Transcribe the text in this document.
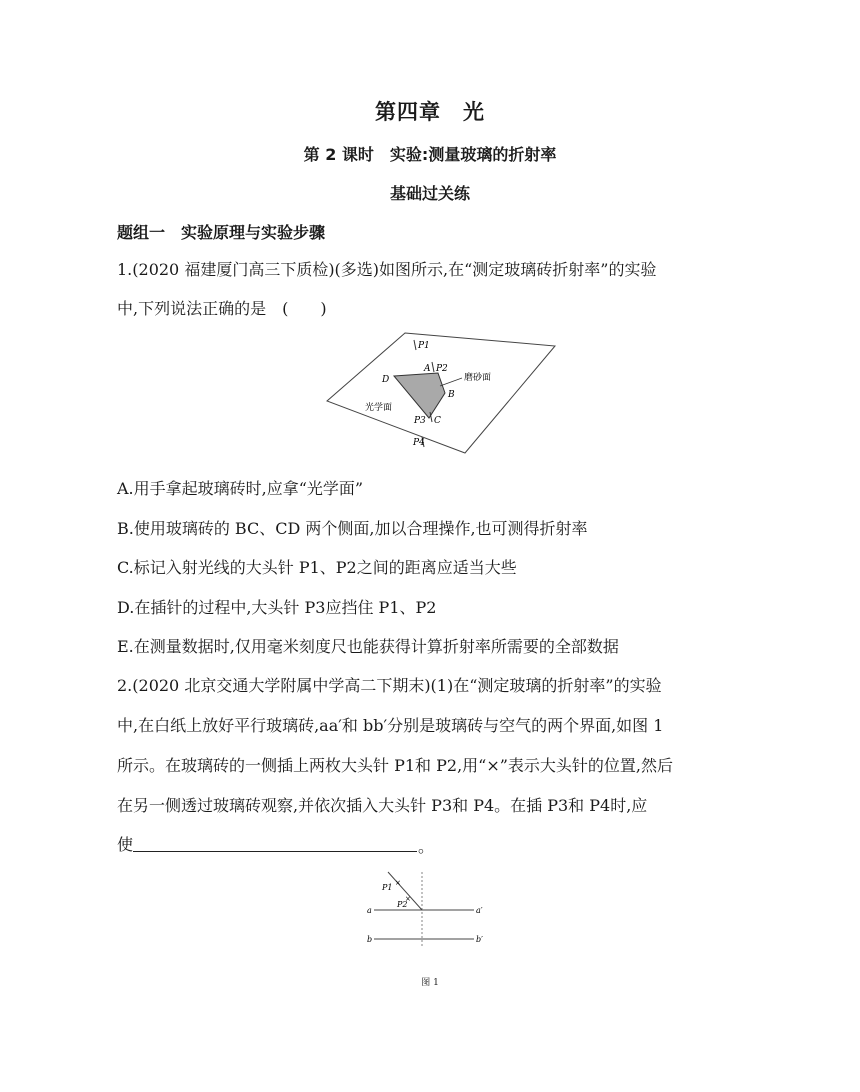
第四章　光
第 2 课时　实验:测量玻璃的折射率
基础过关练
题组一　实验原理与实验步骤
1.(2020 福建厦门高三下质检)(多选)如图所示,在“测定玻璃砖折射率”的实验
中,下列说法正确的是　(　　)
P1
A P2
D	磨砂面
B
光学面
P3 C
P4
A.用手拿起玻璃砖时,应拿“光学面”
B.使用玻璃砖的 BC、CD 两个侧面,加以合理操作,也可测得折射率
C.标记入射光线的大头针 P1、P2之间的距离应适当大些
D.在插针的过程中,大头针 P3应挡住 P1、P2
E.在测量数据时,仅用毫米刻度尺也能获得计算折射率所需要的全部数据
2.(2020 北京交通大学附属中学高二下期末)(1)在“测定玻璃的折射率”的实验
中,在白纸上放好平行玻璃砖,aa′和 bb′分别是玻璃砖与空气的两个界面,如图 1
所示。在玻璃砖的一侧插上两枚大头针 P1和 P2,用“×”表示大头针的位置,然后
在另一侧透过玻璃砖观察,并依次插入大头针 P3和 P4。在插 P3和 P4时,应
使	。
×
×
P1
P2
a	a′
b	b′
图 1
